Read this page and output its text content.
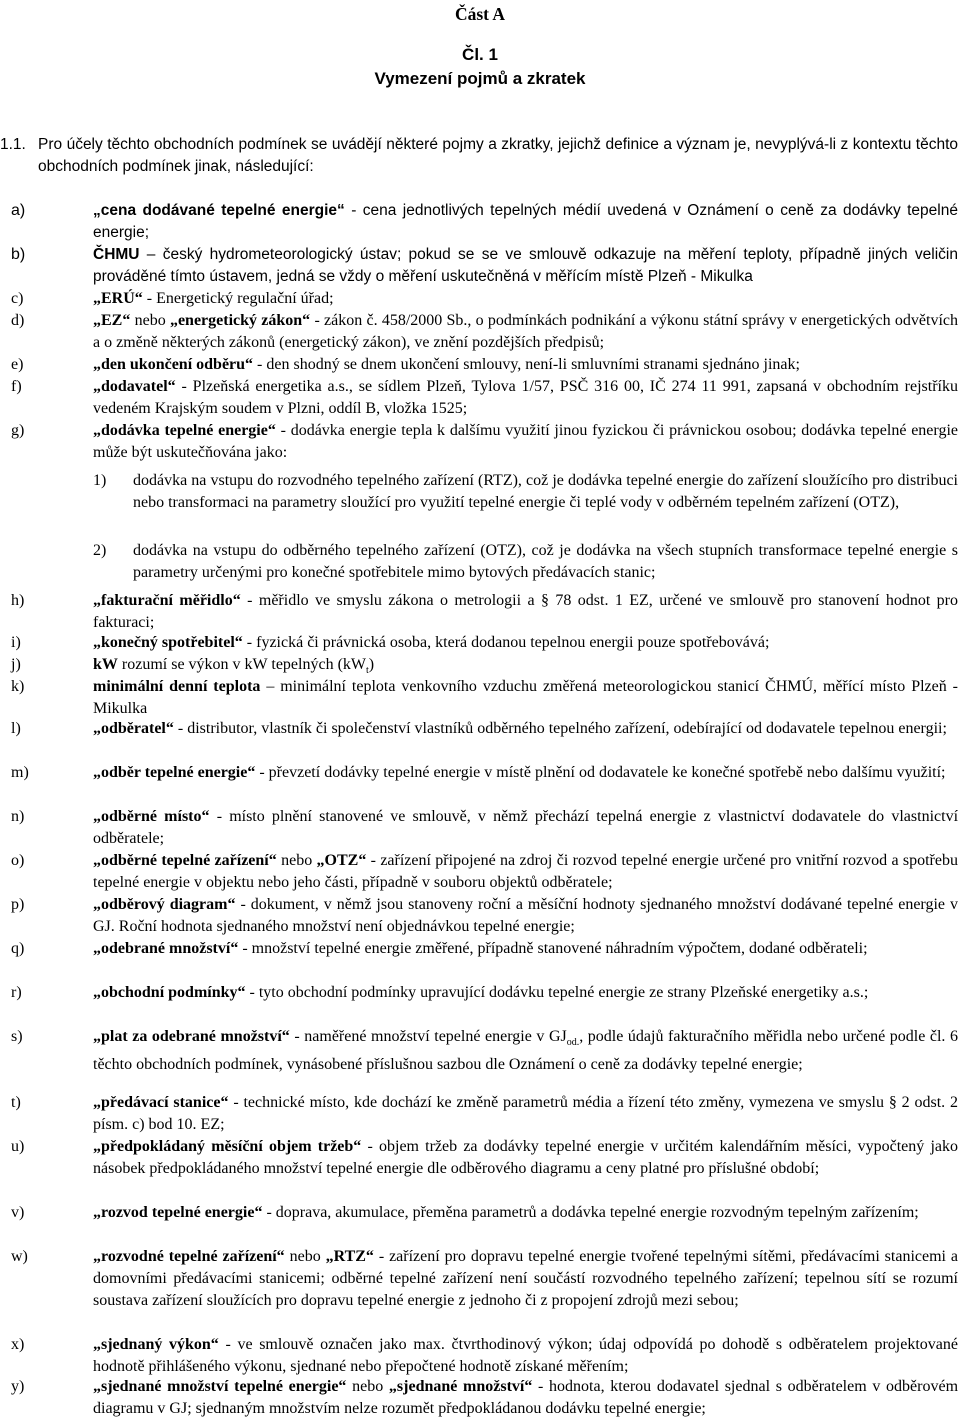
Část A
Čl. 1
Vymezení pojmů a zkratek
1.1. Pro účely těchto obchodních podmínek se uvádějí některé pojmy a zkratky, jejichž definice a význam je, nevyplývá-li z kontextu těchto obchodních podmínek jinak, následující:
a)	„cena dodávané tepelné energie“ - cena jednotlivých tepelných médií uvedená v Oznámení o ceně za dodávky tepelné energie;
b)	ČHMU – český hydrometeorologický ústav; pokud se se ve smlouvě odkazuje na měření teploty, případně jiných veličin prováděné tímto ústavem, jedná se vždy o měření uskutečněná v měřícím místě Plzeň - Mikulka
c)	„ERÚ“ - Energetický regulační úřad;
d)	„EZ“ nebo „energetický zákon“ - zákon č. 458/2000 Sb., o podmínkách podnikání a výkonu státní správy v energetických odvětvích a o změně některých zákonů (energetický zákon), ve znění pozdějších předpisů;
e)	„den ukončení odběru“ - den shodný se dnem ukončení smlouvy, není-li smluvními stranami sjednáno jinak;
f)	„dodavatel“ - Plzeňská energetika a.s., se sídlem Plzeň, Tylova 1/57, PSČ 316 00, IČ 274 11 991, zapsaná v obchodním rejstříku vedeném Krajským soudem v Plzni, oddíl B, vložka 1525;
g)	„dodávka tepelné energie“ - dodávka energie tepla k dalšímu využití jinou fyzickou či právnickou osobou; dodávka tepelné energie může být uskutečňována jako:
1)	dodávka na vstupu do rozvodného tepelného zařízení (RTZ), což je dodávka tepelné energie do zařízení sloužícího pro distribuci nebo transformaci na parametry sloužící pro využití tepelné energie či teplé vody v odběrném tepelném zařízení (OTZ),
2)	dodávka na vstupu do odběrného tepelného zařízení (OTZ), což je dodávka na všech stupních transformace tepelné energie s parametry určenými pro konečné spotřebitele mimo bytových předávacích stanic;
h)	„fakturační měřidlo“ - měřidlo ve smyslu zákona o metrologii a § 78 odst. 1 EZ, určené ve smlouvě pro stanovení hodnot pro fakturaci;
i)	„konečný spotřebitel“ - fyzická či právnická osoba, která dodanou tepelnou energii pouze spotřebovává;
j)	kW rozumí se výkon v kW tepelných $(kW_t)$
k)	minimální denní teplota – minimální teplota venkovního vzduchu změřená meteorologickou stanicí ČHMÚ, měřící místo Plzeň - Mikulka
l)	„odběratel“ - distributor, vlastník či společenství vlastníků odběrného tepelného zařízení, odebírající od dodavatele tepelnou energii;
m)	„odběr tepelné energie“ - převzetí dodávky tepelné energie v místě plnění od dodavatele ke konečné spotřebě nebo dalšímu využití;
n)	„odběrné místo“ - místo plnění stanovené ve smlouvě, v němž přechází tepelná energie z vlastnictví dodavatele do vlastnictví odběratele;
o)	„odběrné tepelné zařízení“ nebo „OTZ“ - zařízení připojené na zdroj či rozvod tepelné energie určené pro vnitřní rozvod a spotřebu tepelné energie v objektu nebo jeho části, případně v souboru objektů odběratele;
p)	„odběrový diagram“ - dokument, v němž jsou stanoveny roční a měsíční hodnoty sjednaného množství dodávané tepelné energie v GJ. Roční hodnota sjednaného množství není objednávkou tepelné energie;
q)	„odebrané množství“ - množství tepelné energie změřené, případně stanovené náhradním výpočtem, dodané odběrateli;
r)	„obchodní podmínky“ - tyto obchodní podmínky upravující dodávku tepelné energie ze strany Plzeňské energetiky a.s.;
s)	„plat za odebrané množství“ - naměřené množství tepelné energie v $GJ_{od.}$, podle údajů fakturačního měřidla nebo určené podle čl. 6 těchto obchodních podmínek, vynásobené příslušnou sazbou dle Oznámení o ceně za dodávky tepelné energie;
t)	„předávací stanice“ - technické místo, kde dochází ke změně parametrů média a řízení této změny, vymezena ve smyslu § 2 odst. 2 písm. c) bod 10. EZ;
u)	„předpokládaný měsíční objem tržeb“ - objem tržeb za dodávky tepelné energie v určitém kalendářním měsíci, vypočtený jako násobek předpokládaného množství tepelné energie dle odběrového diagramu a ceny platné pro příslušné období;
v)	„rozvod tepelné energie“ - doprava, akumulace, přeměna parametrů a dodávka tepelné energie rozvodným tepelným zařízením;
w)	„rozvodné tepelné zařízení“ nebo „RTZ“ - zařízení pro dopravu tepelné energie tvořené tepelnými sítěmi, předávacími stanicemi a domovními předávacími stanicemi; odběrné tepelné zařízení není součástí rozvodného tepelného zařízení; tepelnou sítí se rozumí soustava zařízení sloužících pro dopravu tepelné energie z jednoho či z propojení zdrojů mezi sebou;
x)	„sjednaný výkon“ - ve smlouvě označen jako max. čtvrthodinový výkon; údaj odpovídá po dohodě s odběratelem projektované hodnotě přihlášeného výkonu, sjednané nebo přepočtené hodnotě získané měřením;
y)	„sjednané množství tepelné energie“ nebo „sjednané množství“ - hodnota, kterou dodavatel sjednal s odběratelem v odběrovém diagramu v GJ; sjednaným množstvím nelze rozumět předpokládanou dodávku tepelné energie;
